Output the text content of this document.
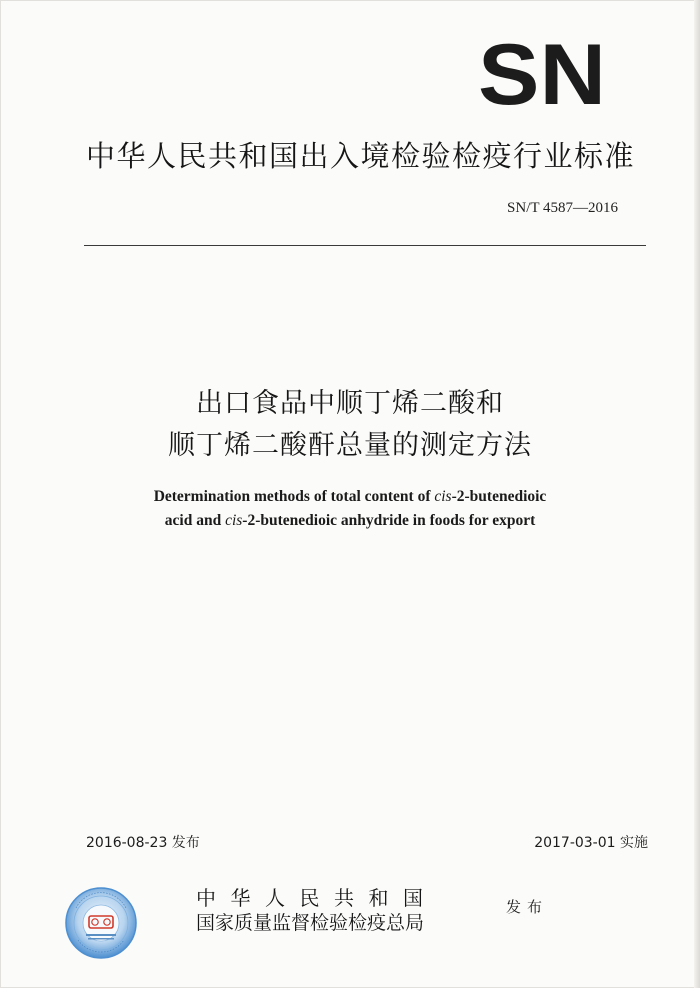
SN
中华人民共和国出入境检验检疫行业标准
SN/T 4587—2016
出口食品中顺丁烯二酸和
顺丁烯二酸酐总量的测定方法
Determination methods of total content of cis-2-butenedioic
acid and cis-2-butenedioic anhydride in foods for export
2016-08-23 发布	2017-03-01 实施
中华人民共和国
国家质量监督检验检疫总局
发布
